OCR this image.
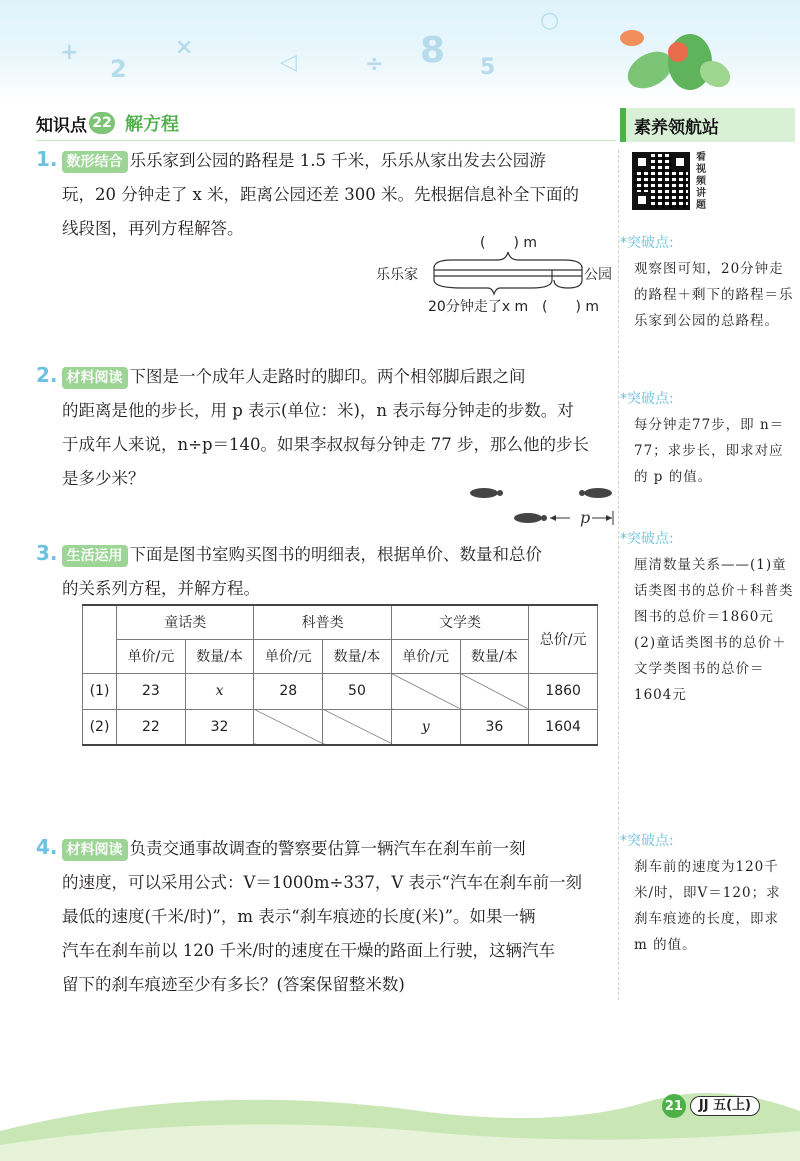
+
2
×
◁	÷ 8 5
○
知识点 22 解方程	素养领航站
看视频讲题
*突破点:
观察图可知，20分钟走的路程＋剩下的路程＝乐乐家到公园的总路程。
*突破点:
每分钟走77步，即 n＝77；求步长，即求对应的 p 的值。
*突破点:
厘清数量关系——(1)童话类图书的总价＋科普类图书的总价＝1860元 (2)童话类图书的总价＋文学类图书的总价＝1604元
*突破点:
刹车前的速度为120千米/时，即V＝120；求刹车痕迹的长度，即求 m 的值。
1. 数形结合 乐乐家到公园的路程是 1.5 千米，乐乐从家出发去公园游
玩，20 分钟走了 x 米，距离公园还差 300 米。先根据信息补全下面的
线段图，再列方程解答。
(　　) m
乐乐家	公园
20分钟走了x m (　　) m
2. 材料阅读 下图是一个成年人走路时的脚印。两个相邻脚后跟之间
的距离是他的步长，用 p 表示(单位：米)，n 表示每分钟走的步数。对
于成年人来说，n÷p＝140。如果李叔叔每分钟走 77 步，那么他的步长
是多少米？
p
3. 生活运用 下面是图书室购买图书的明细表，根据单价、数量和总价
的关系列方程，并解方程。
	童话类		科普类		文学类		总价/元
	单价/元	数量/本	单价/元	数量/本	单价/元	数量/本	
(1)	23	x	28	50			1860
(2)	22	32			y	36	1604
4. 材料阅读 负责交通事故调查的警察要估算一辆汽车在刹车前一刻
的速度，可以采用公式：V＝1000m÷337，V 表示“汽车在刹车前一刻
最低的速度(千米/时)”，m 表示“刹车痕迹的长度(米)”。如果一辆
汽车在刹车前以 120 千米/时的速度在干燥的路面上行驶，这辆汽车
留下的刹车痕迹至少有多长？(答案保留整米数)
21	JJ 五(上)
